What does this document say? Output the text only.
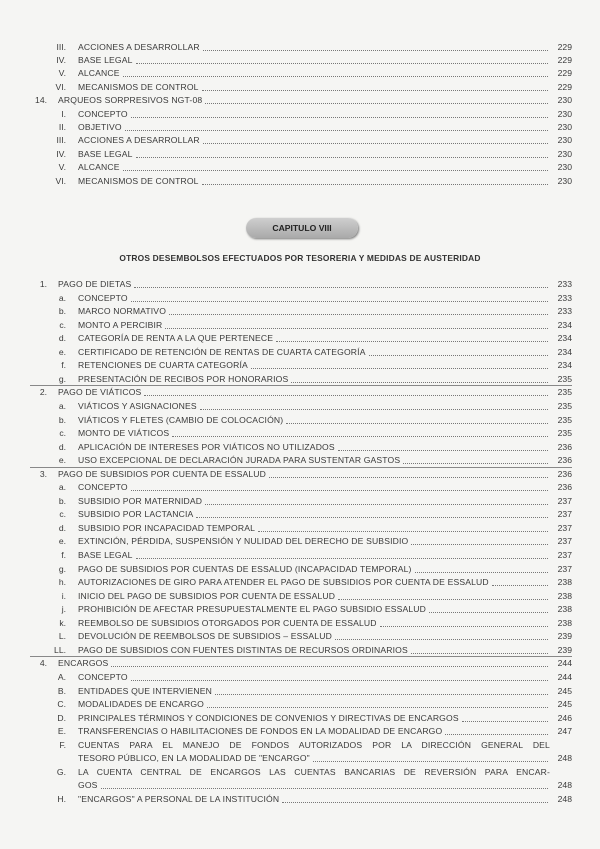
III. ACCIONES A DESARROLLAR	229
IV. BASE LEGAL	229
V. ALCANCE	229
VI. MECANISMOS DE CONTROL	229
14. ARQUEOS SORPRESIVOS NGT-08	230
I. CONCEPTO	230
II. OBJETIVO	230
III. ACCIONES A DESARROLLAR	230
IV. BASE LEGAL	230
V. ALCANCE	230
VI. MECANISMOS DE CONTROL	230
CAPITULO VIII
OTROS DESEMBOLSOS EFECTUADOS POR TESORERIA Y MEDIDAS DE AUSTERIDAD
1. PAGO DE DIETAS	233
a. CONCEPTO	233
b. MARCO NORMATIVO	233
c. MONTO A PERCIBIR	234
d. CATEGORÍA DE RENTA A LA QUE PERTENECE	234
e. CERTIFICADO DE RETENCIÓN DE RENTAS DE CUARTA CATEGORÍA	234
f. RETENCIONES DE CUARTA CATEGORÍA	234
g. PRESENTACIÓN DE RECIBOS POR HONORARIOS	235
2. PAGO DE VIÁTICOS	235
a. VIÁTICOS Y ASIGNACIONES	235
b. VIÁTICOS Y FLETES (CAMBIO DE COLOCACIÓN)	235
c. MONTO DE VIÁTICOS	235
d. APLICACIÓN DE INTERESES POR VIÁTICOS NO UTILIZADOS	236
e. USO EXCEPCIONAL DE DECLARACIÓN JURADA PARA SUSTENTAR GASTOS	236
3. PAGO DE SUBSIDIOS POR CUENTA DE ESSALUD	236
a. CONCEPTO	236
b. SUBSIDIO POR MATERNIDAD	237
c. SUBSIDIO POR LACTANCIA	237
d. SUBSIDIO POR INCAPACIDAD TEMPORAL	237
e. EXTINCIÓN, PÉRDIDA, SUSPENSIÓN Y NULIDAD DEL DERECHO DE SUBSIDIO	237
f. BASE LEGAL	237
g. PAGO DE SUBSIDIOS POR CUENTAS DE ESSALUD (INCAPACIDAD TEMPORAL)	237
h. AUTORIZACIONES DE GIRO PARA ATENDER EL PAGO DE SUBSIDIOS POR CUENTA DE ESSALUD	238
i. INICIO DEL PAGO DE SUBSIDIOS POR CUENTA DE ESSALUD	238
j. PROHIBICIÓN DE AFECTAR PRESUPUESTALMENTE EL PAGO SUBSIDIO ESSALUD	238
k. REEMBOLSO DE SUBSIDIOS OTORGADOS POR CUENTA DE ESSALUD	238
L. DEVOLUCIÓN DE REEMBOLSOS DE SUBSIDIOS – ESSALUD	239
LL. PAGO DE SUBSIDIOS CON FUENTES DISTINTAS DE RECURSOS ORDINARIOS	239
4. ENCARGOS	244
A. CONCEPTO	244
B. ENTIDADES QUE INTERVIENEN	245
C. MODALIDADES DE ENCARGO	245
D. PRINCIPALES TÉRMINOS Y CONDICIONES DE CONVENIOS Y DIRECTIVAS DE ENCARGOS	246
E. TRANSFERENCIAS O HABILITACIONES DE FONDOS EN LA MODALIDAD DE ENCARGO	247
F. CUENTAS PARA EL MANEJO DE FONDOS AUTORIZADOS POR LA DIRECCIÓN GENERAL DEL
TESORO PÚBLICO, EN LA MODALIDAD DE "ENCARGO"	248
G. LA CUENTA CENTRAL DE ENCARGOS LAS CUENTAS BANCARIAS DE REVERSIÓN PARA ENCAR-
GOS	248
H. "ENCARGOS" A PERSONAL DE LA INSTITUCIÓN	248
